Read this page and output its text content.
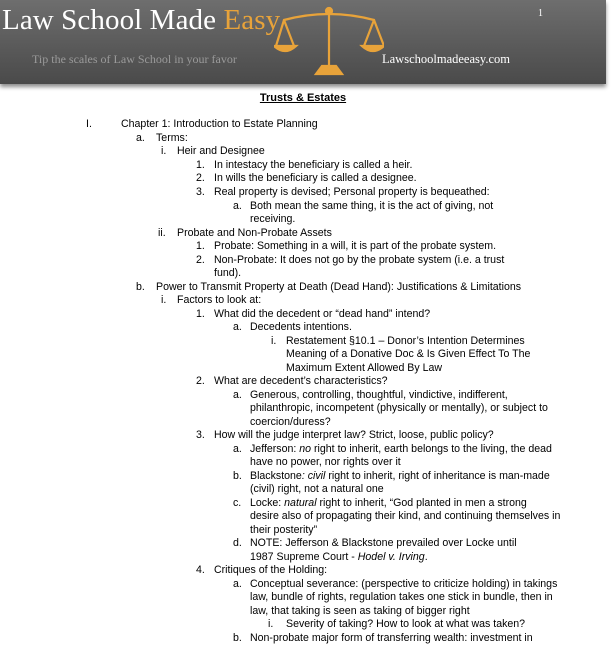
Law School Made Easy
Tip the scales of Law School in your favor	Lawschoolmadeeasy.com
1
Trusts & Estates
I.	Chapter 1: Introduction to Estate Planning
a. Terms:
i. Heir and Designee
1. In intestacy the beneficiary is called a heir.
2. In wills the beneficiary is called a designee.
3. Real property is devised; Personal property is bequeathed:
a. Both mean the same thing, it is the act of giving, not
receiving.
ii. Probate and Non-Probate Assets
1. Probate: Something in a will, it is part of the probate system.
2. Non-Probate: It does not go by the probate system (i.e. a trust
fund).
b. Power to Transmit Property at Death (Dead Hand): Justifications & Limitations
i. Factors to look at:
1. What did the decedent or “dead hand” intend?
a. Decedents intentions.
i. Restatement §10.1 – Donor’s Intention Determines
Meaning of a Donative Doc & Is Given Effect To The
Maximum Extent Allowed By Law
2. What are decedent’s characteristics?
a. Generous, controlling, thoughtful, vindictive, indifferent,
philanthropic, incompetent (physically or mentally), or subject to
coercion/duress?
3. How will the judge interpret law? Strict, loose, public policy?
a. Jefferson: no right to inherit, earth belongs to the living, the dead
have no power, nor rights over it
b. Blackstone: civil right to inherit, right of inheritance is man-made
(civil) right, not a natural one
c. Locke: natural right to inherit, “God planted in men a strong
desire also of propagating their kind, and continuing themselves in
their posterity”
d. NOTE: Jefferson & Blackstone prevailed over Locke until
1987 Supreme Court - Hodel v. Irving.
4. Critiques of the Holding:
a. Conceptual severance: (perspective to criticize holding) in takings
law, bundle of rights, regulation takes one stick in bundle, then in
law, that taking is seen as taking of bigger right
i. Severity of taking? How to look at what was taken?
b. Non-probate major form of transferring wealth: investment in
